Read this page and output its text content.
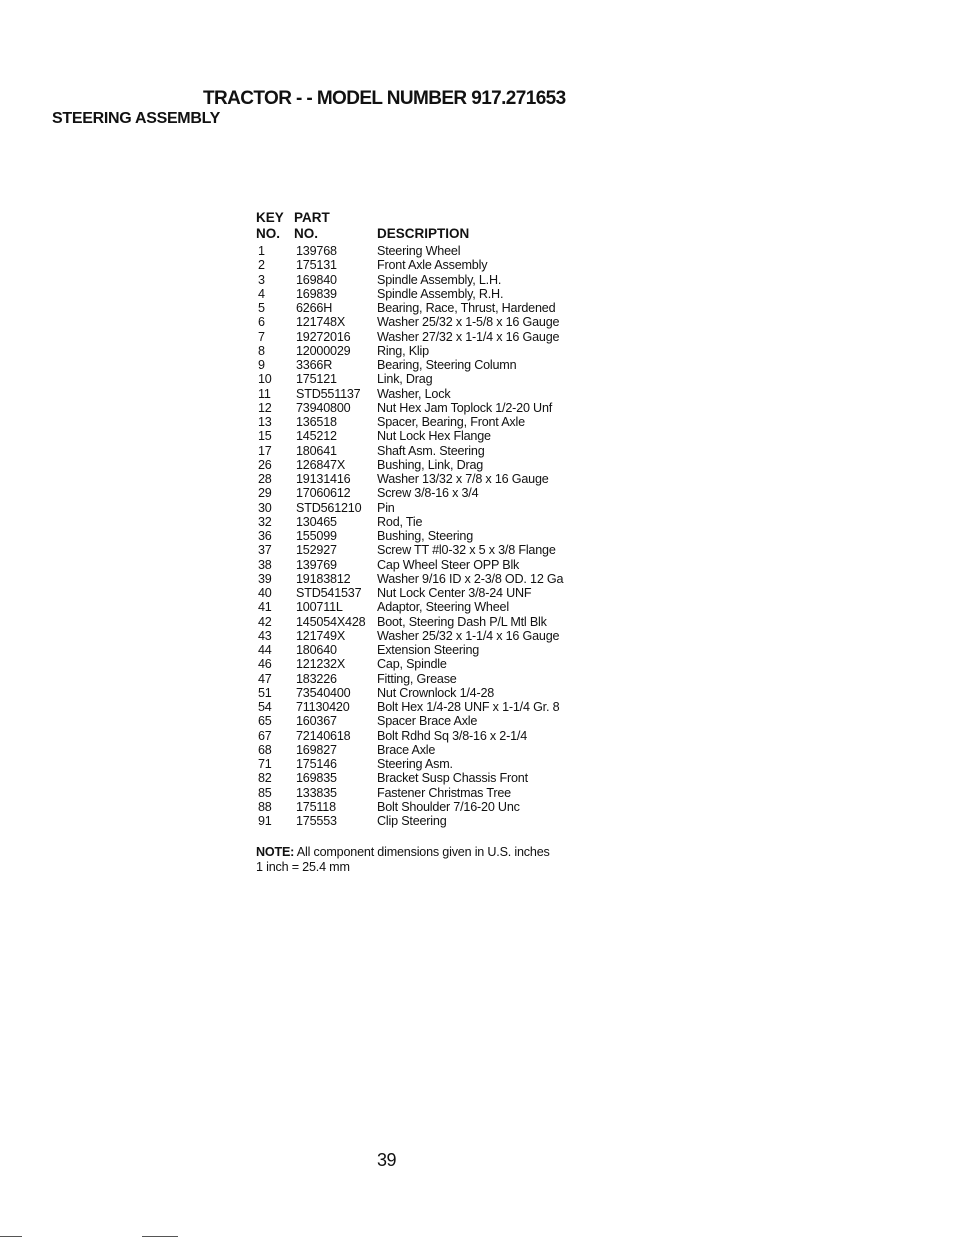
TRACTOR - - MODEL NUMBER 917.271653
STEERING ASSEMBLY
KEY
NO.
PART
NO.	DESCRIPTION
1 139768	Steering Wheel
2 175131	Front Axle Assembly
3 169840	Spindle Assembly, L.H.
4 169839	Spindle Assembly, R.H.
5 6266H	Bearing, Race, Thrust, Hardened
6 121748X	Washer 25/32 x 1-5/8 x 16 Gauge
7 19272016 Washer 27/32 x 1-1/4 x 16 Gauge
8 12000029 Ring, Klip
9 3366R	Bearing, Steering Column
10 175121	Link, Drag
11 STD551137 Washer, Lock
12 73940800 Nut Hex Jam Toplock 1/2-20 Unf
13 136518	Spacer, Bearing, Front Axle
15 145212	Nut Lock Hex Flange
17 180641	Shaft Asm. Steering
26 126847X	Bushing, Link, Drag
28 19131416 Washer 13/32 x 7/8 x 16 Gauge
29 17060612 Screw 3/8-16 x 3/4
30 STD561210 Pin
32 130465	Rod, Tie
36 155099	Bushing, Steering
37 152927	Screw TT #l0-32 x 5 x 3/8 Flange
38 139769	Cap Wheel Steer OPP Blk
39 19183812 Washer 9/16 ID x 2-3/8 OD. 12 Ga
40 STD541537 Nut Lock Center 3/8-24 UNF
41 100711L	Adaptor, Steering Wheel
42 145054X428 Boot, Steering Dash P/L Mtl Blk
43 121749X	Washer 25/32 x 1-1/4 x 16 Gauge
44 180640	Extension Steering
46 121232X	Cap, Spindle
47 183226	Fitting, Grease
51 73540400 Nut Crownlock 1/4-28
54 71130420 Bolt Hex 1/4-28 UNF x 1-1/4 Gr. 8
65 160367	Spacer Brace Axle
67 72140618 Bolt Rdhd Sq 3/8-16 x 2-1/4
68 169827	Brace Axle
71 175146	Steering Asm.
82 169835	Bracket Susp Chassis Front
85 133835	Fastener Christmas Tree
88 175118	Bolt Shoulder 7/16-20 Unc
91 175553	Clip Steering
NOTE: All component dimensions given in U.S. inches
1 inch = 25.4 mm
39
